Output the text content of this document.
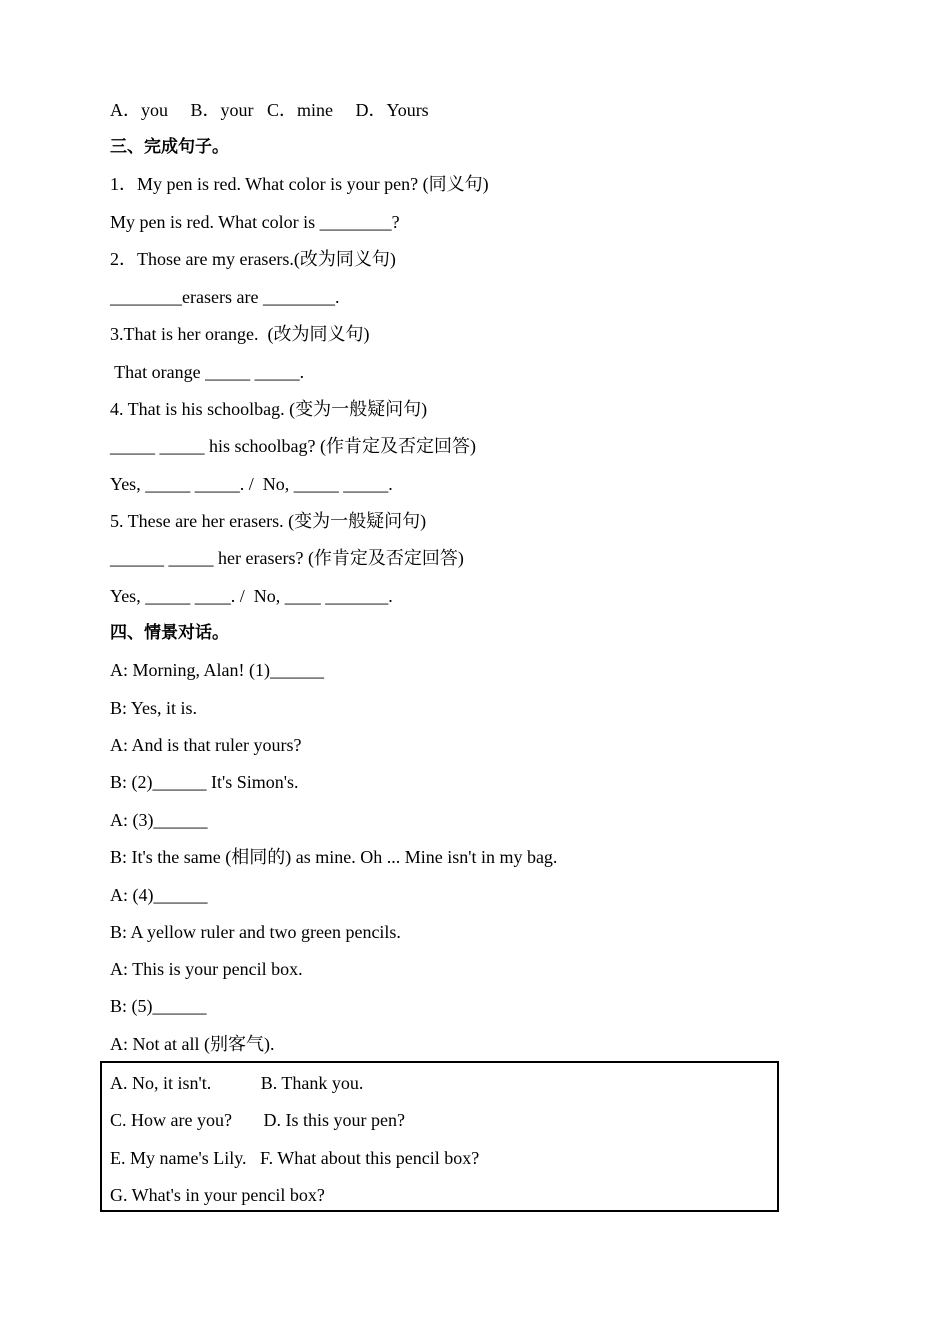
A．you     B．your   C．mine     D．Yours
三、完成句子。
1．My pen is red. What color is your pen? (同义句)
My pen is red. What color is ________?
2．Those are my erasers.(改为同义句)
________erasers are ________.
3.That is her orange.  (改为同义句)
That orange _____ _____.
4. That is his schoolbag. (变为一般疑问句)
_____ _____ his schoolbag? (作肯定及否定回答)
Yes, _____ _____. /  No, _____ _____.
5. These are her erasers. (变为一般疑问句)
______ _____ her erasers? (作肯定及否定回答)
Yes, _____ ____. /  No, ____ _______.
四、情景对话。
A: Morning, Alan! (1)______
B: Yes, it is.
A: And is that ruler yours?
B: (2)______ It's Simon's.
A: (3)______
B: It's the same (相同的) as mine. Oh ... Mine isn't in my bag.
A: (4)______
B: A yellow ruler and two green pencils.
A: This is your pencil box.
B: (5)______
A: Not at all (别客气).
A. No, it isn't.           B. Thank you.
C. How are you?       D. Is this your pen?
E. My name's Lily.   F. What about this pencil box?
G. What's in your pencil box?
